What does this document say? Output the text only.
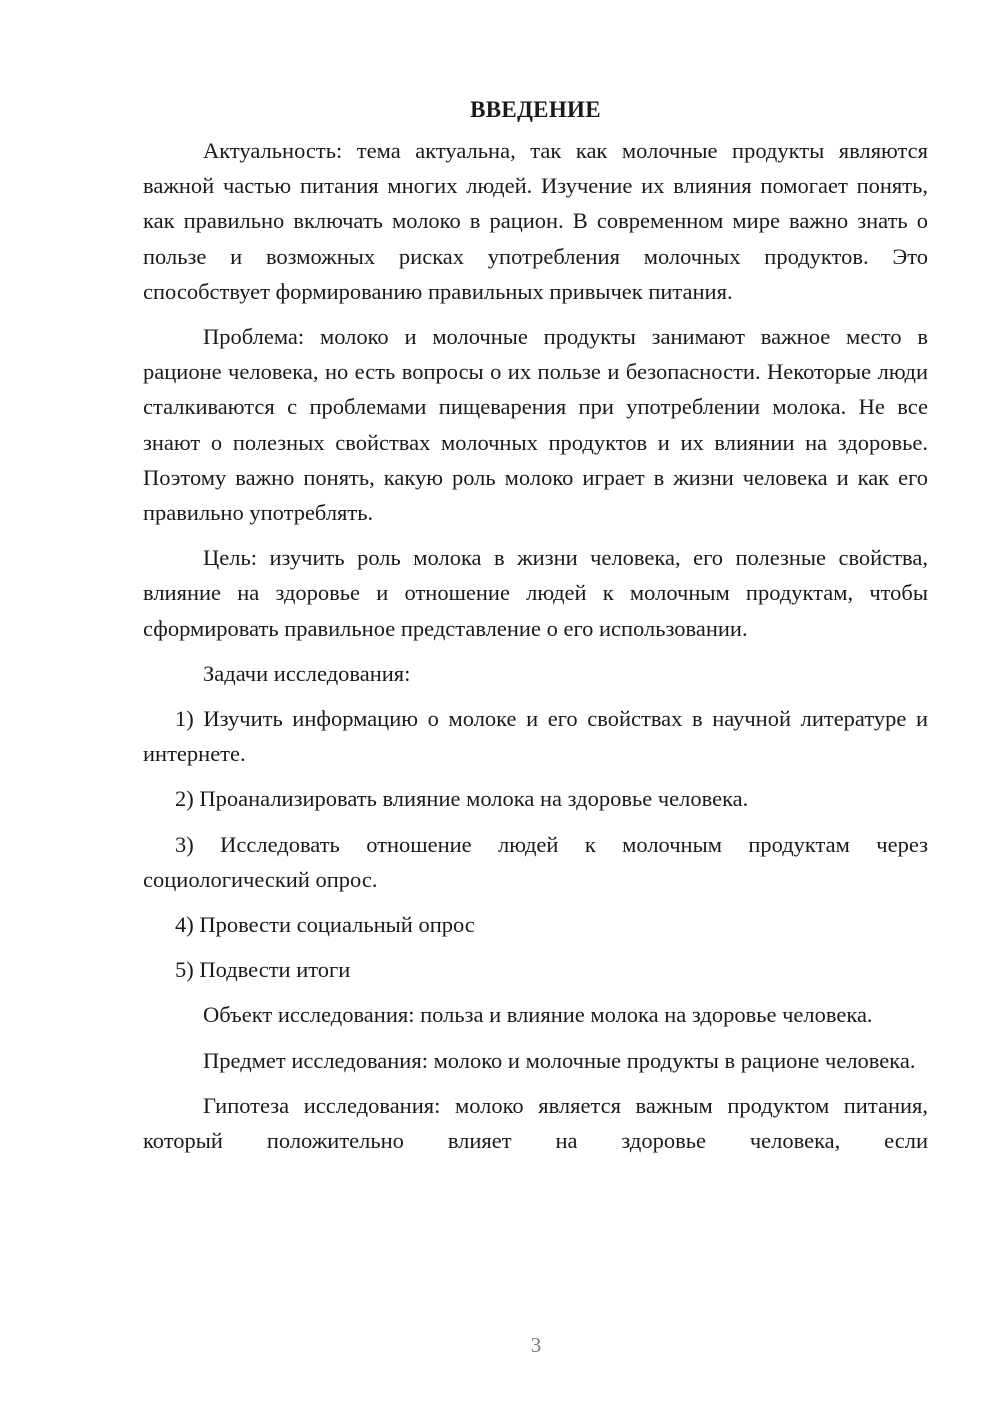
ВВЕДЕНИЕ

Актуальность: тема актуальна, так как молочные продукты являются важной частью питания многих людей. Изучение их влияния помогает понять, как правильно включать молоко в рацион. В современном мире важно знать о пользе и возможных рисках употребления молочных продуктов. Это способствует формированию правильных привычек питания.

Проблема: молоко и молочные продукты занимают важное место в рационе человека, но есть вопросы о их пользе и безопасности. Некоторые люди сталкиваются с проблемами пищеварения при употреблении молока. Не все знают о полезных свойствах молочных продуктов и их влиянии на здоровье. Поэтому важно понять, какую роль молоко играет в жизни человека и как его правильно употреблять.

Цель: изучить роль молока в жизни человека, его полезные свойства, влияние на здоровье и отношение людей к молочным продуктам, чтобы сформировать правильное представление о его использовании.

Задачи исследования:

1) Изучить информацию о молоке и его свойствах в научной литературе и интернете.

2) Проанализировать влияние молока на здоровье человека.

3) Исследовать отношение людей к молочным продуктам через социологический опрос.

4) Провести социальный опрос

5) Подвести итоги

Объект исследования: польза и влияние молока на здоровье человека.

Предмет исследования: молоко и молочные продукты в рационе человека.

Гипотеза исследования: молоко является важным продуктом питания, который положительно влияет на здоровье человека, если

3
